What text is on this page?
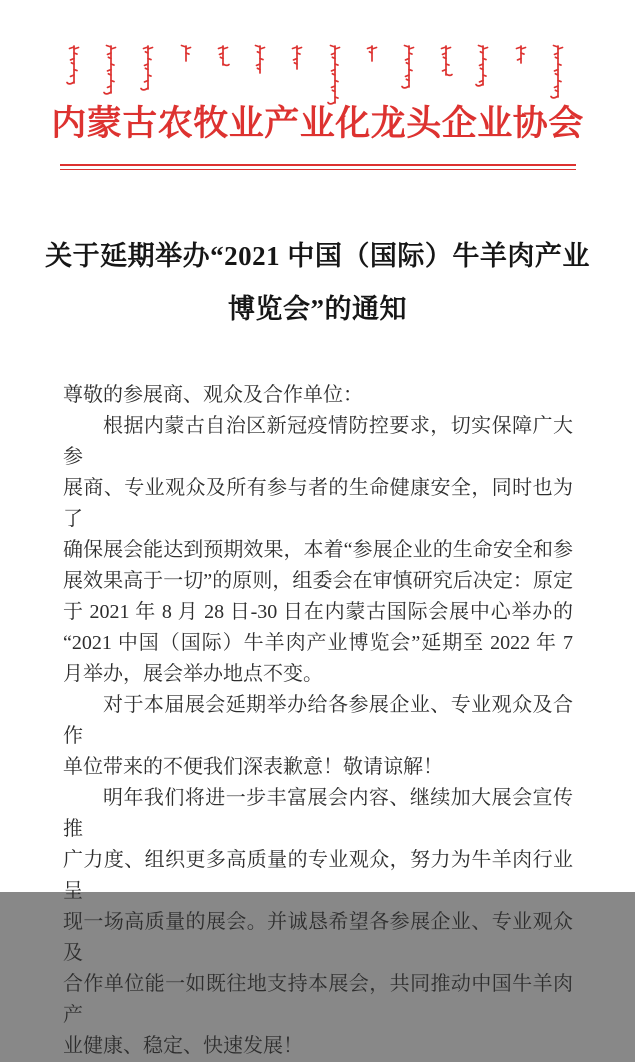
内蒙古农牧业产业化龙头企业协会
关于延期举办“2021 中国（国际）牛羊肉产业
博览会”的通知
尊敬的参展商、观众及合作单位：
根据内蒙古自治区新冠疫情防控要求，切实保障广大参
展商、专业观众及所有参与者的生命健康安全，同时也为了
确保展会能达到预期效果，本着“参展企业的生命安全和参
展效果高于一切”的原则，组委会在审慎研究后决定：原定
于 2021 年 8 月 28 日-30 日在内蒙古国际会展中心举办的
“2021 中国（国际）牛羊肉产业博览会”延期至 2022 年 7
月举办，展会举办地点不变。
对于本届展会延期举办给各参展企业、专业观众及合作
单位带来的不便我们深表歉意！敬请谅解！
明年我们将进一步丰富展会内容、继续加大展会宣传推
广力度、组织更多高质量的专业观众，努力为牛羊肉行业呈
现一场高质量的展会。并诚恳希望各参展企业、专业观众及
合作单位能一如既往地支持本展会，共同推动中国牛羊肉产
业健康、稳定、快速发展！
